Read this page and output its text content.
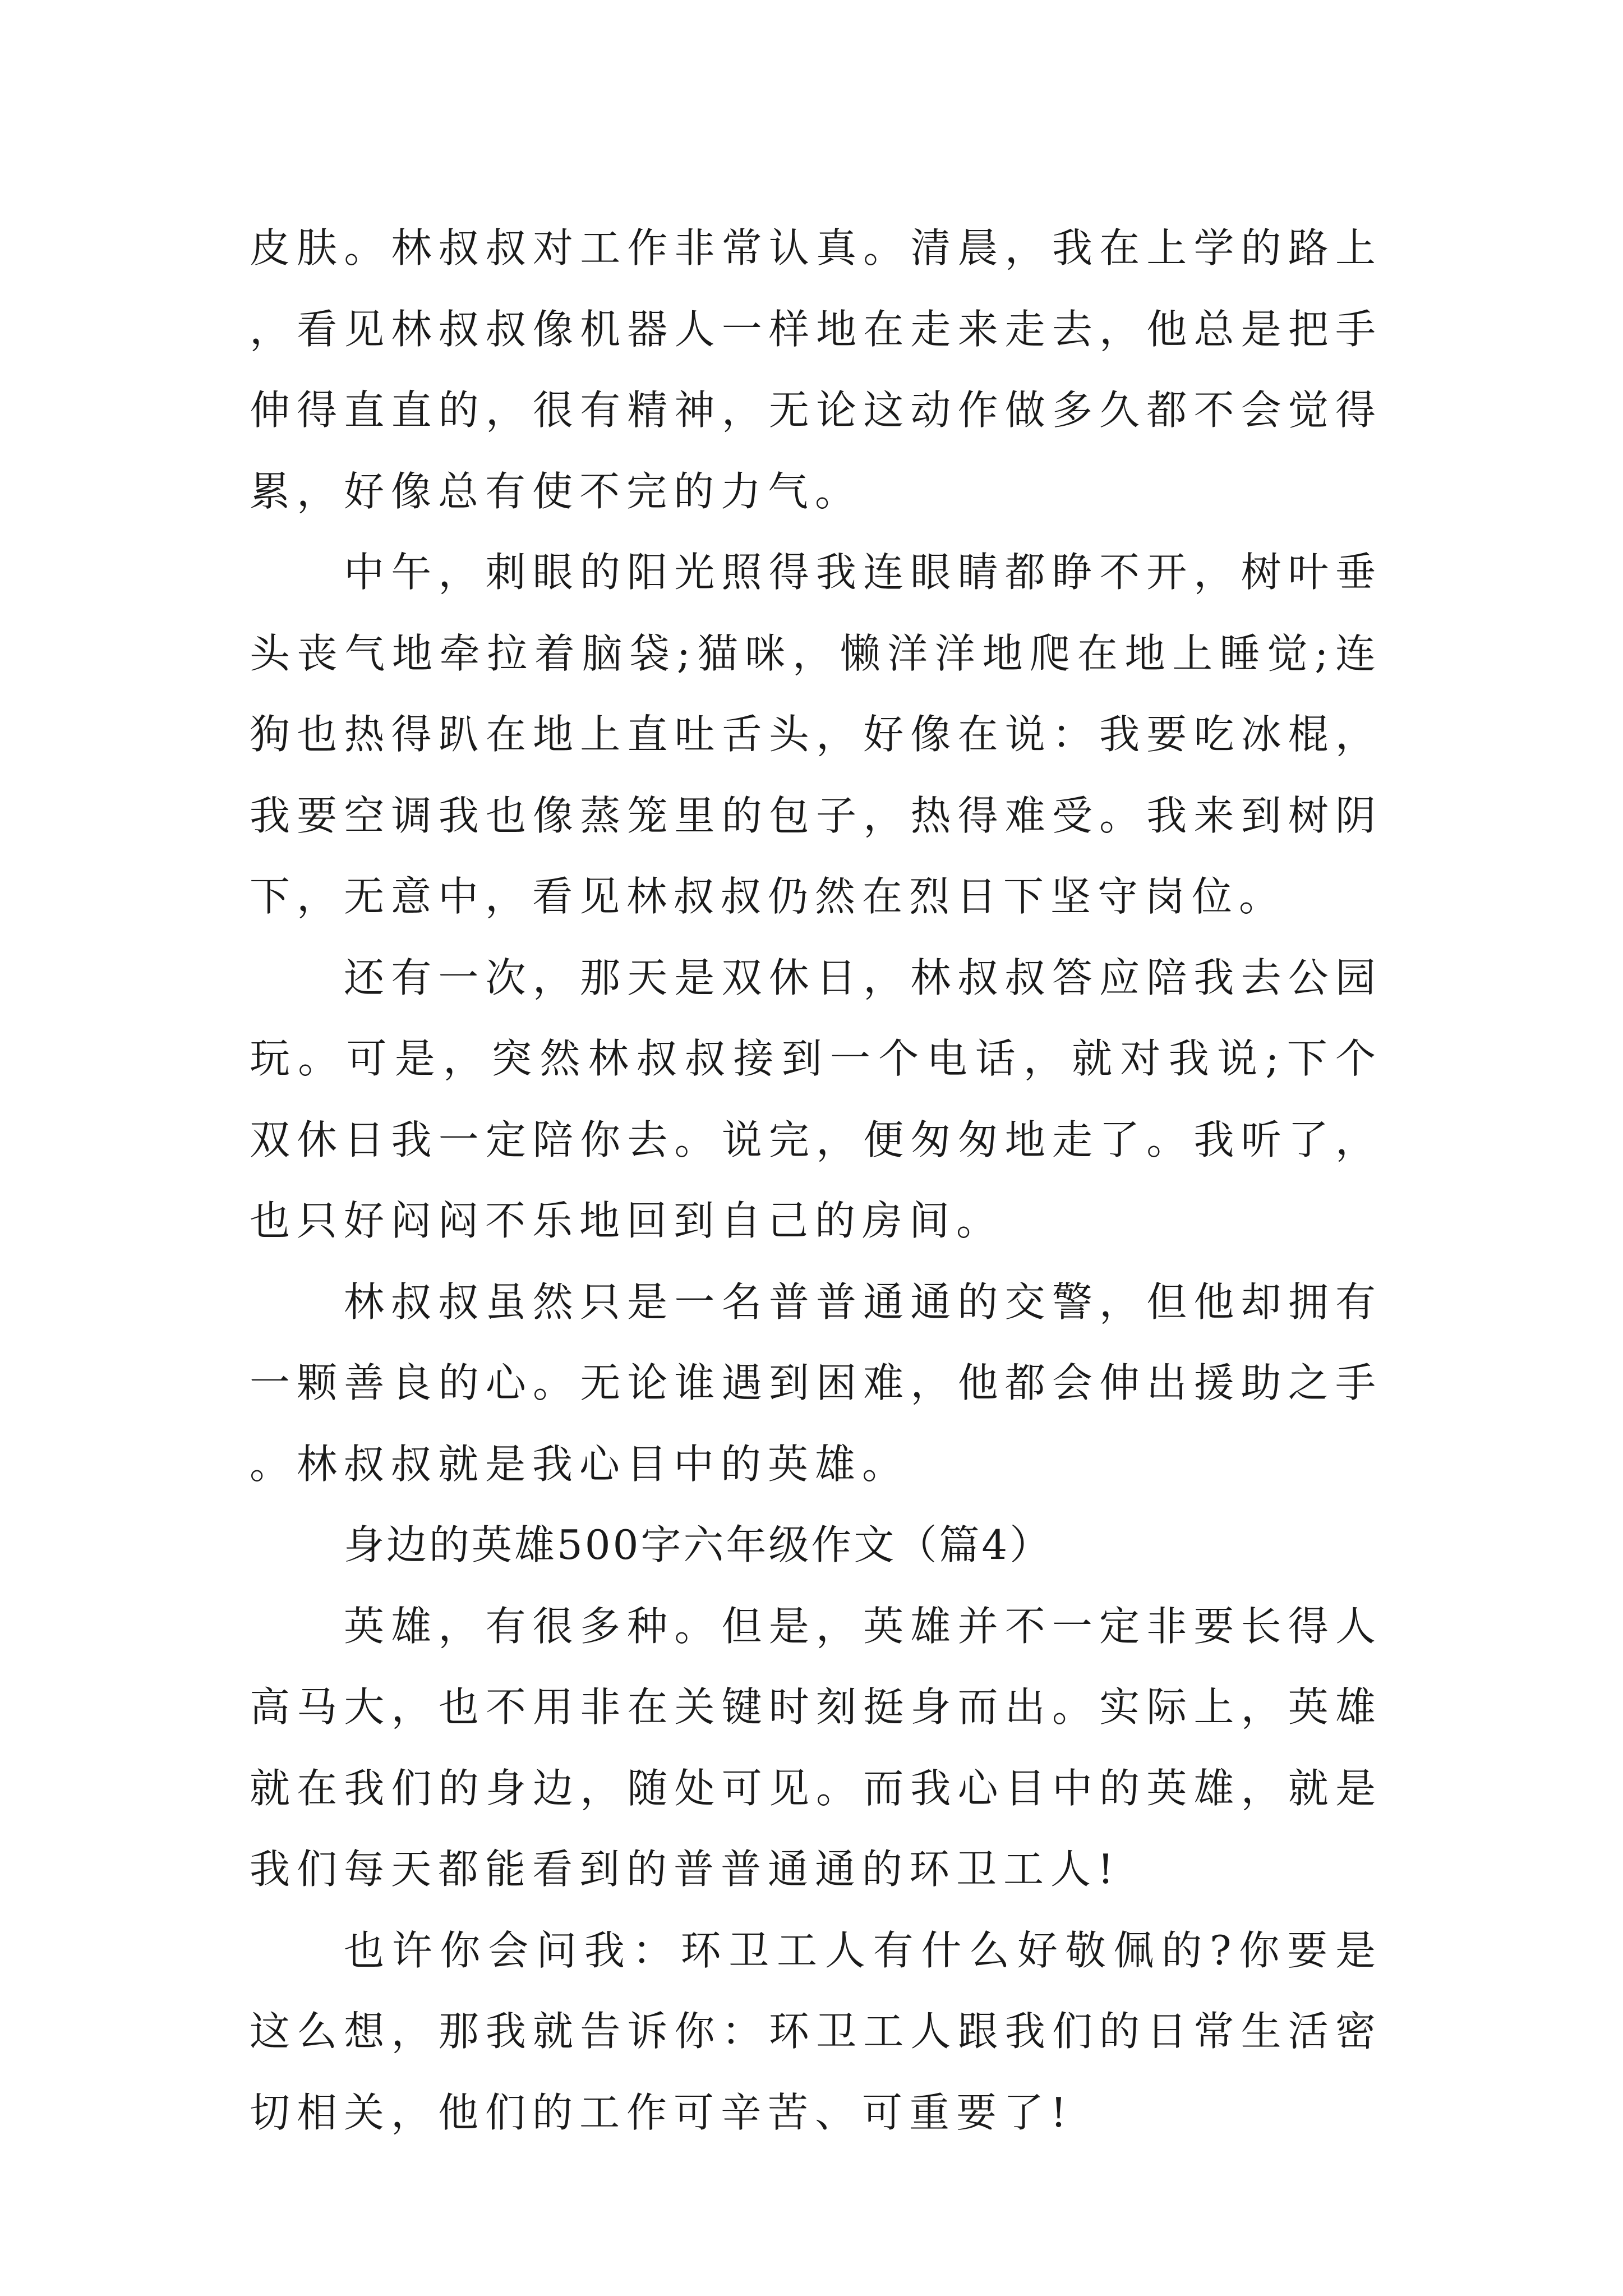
皮肤。林叔叔对工作非常认真。清晨，我在上学的路上，看见林叔叔像机器人一样地在走来走去，他总是把手伸得直直的，很有精神，无论这动作做多久都不会觉得累，好像总有使不完的力气。

中午，刺眼的阳光照得我连眼睛都睁不开，树叶垂头丧气地牵拉着脑袋;猫咪，懒洋洋地爬在地上睡觉;连狗也热得趴在地上直吐舌头，好像在说：我要吃冰棍，我要空调我也像蒸笼里的包子，热得难受。我来到树阴下，无意中，看见林叔叔仍然在烈日下坚守岗位。

还有一次，那天是双休日，林叔叔答应陪我去公园玩。可是，突然林叔叔接到一个电话，就对我说;下个双休日我一定陪你去。说完，便匆匆地走了。我听了，也只好闷闷不乐地回到自己的房间。

林叔叔虽然只是一名普普通通的交警，但他却拥有一颗善良的心。无论谁遇到困难，他都会伸出援助之手。林叔叔就是我心目中的英雄。

身边的英雄500字六年级作文（篇4）

英雄，有很多种。但是，英雄并不一定非要长得人高马大，也不用非在关键时刻挺身而出。实际上，英雄就在我们的身边，随处可见。而我心目中的英雄，就是我们每天都能看到的普普通通的环卫工人!

也许你会问我：环卫工人有什么好敬佩的?你要是这么想，那我就告诉你：环卫工人跟我们的日常生活密切相关，他们的工作可辛苦、可重要了!
